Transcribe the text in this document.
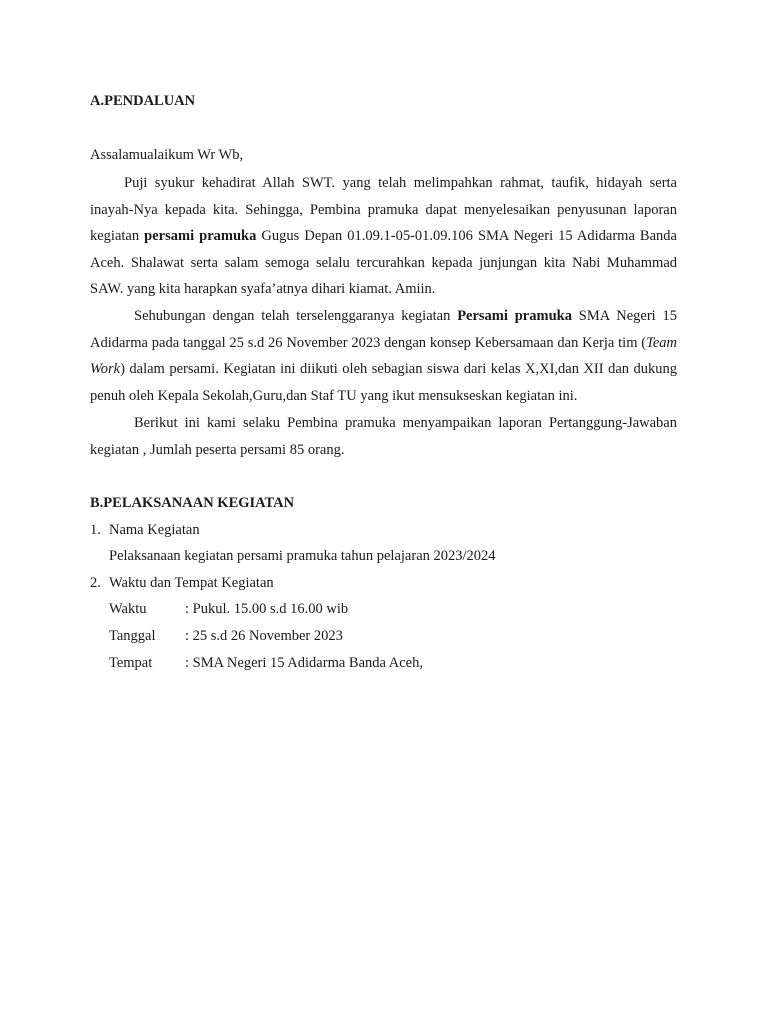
A.PENDALUAN
Assalamualaikum Wr Wb,
Puji syukur kehadirat Allah SWT. yang telah melimpahkan rahmat, taufik, hidayah serta inayah-Nya kepada kita. Sehingga, Pembina pramuka dapat menyelesaikan penyusunan laporan kegiatan persami pramuka Gugus Depan 01.09.1-05-01.09.106 SMA Negeri 15 Adidarma Banda Aceh. Shalawat serta salam semoga selalu tercurahkan kepada junjungan kita Nabi Muhammad SAW. yang kita harapkan syafa’atnya dihari kiamat. Amiin.
Sehubungan dengan telah terselenggaranya kegiatan Persami pramuka SMA Negeri 15 Adidarma pada tanggal 25 s.d 26 November 2023 dengan konsep Kebersamaan dan Kerja tim (Team Work) dalam persami. Kegiatan ini diikuti oleh sebagian siswa dari kelas X,XI,dan XII dan dukung penuh oleh Kepala Sekolah,Guru,dan Staf TU yang ikut mensukseskan kegiatan ini.
Berikut ini kami selaku Pembina pramuka menyampaikan laporan Pertanggung-Jawaban kegiatan , Jumlah peserta persami 85 orang.
B.PELAKSANAAN KEGIATAN
1. Nama Kegiatan
Pelaksanaan kegiatan persami pramuka tahun pelajaran 2023/2024
2. Waktu dan Tempat Kegiatan
Waktu	: Pukul. 15.00 s.d 16.00 wib
Tanggal : 25 s.d 26 November 2023
Tempat : SMA Negeri 15 Adidarma Banda Aceh,
